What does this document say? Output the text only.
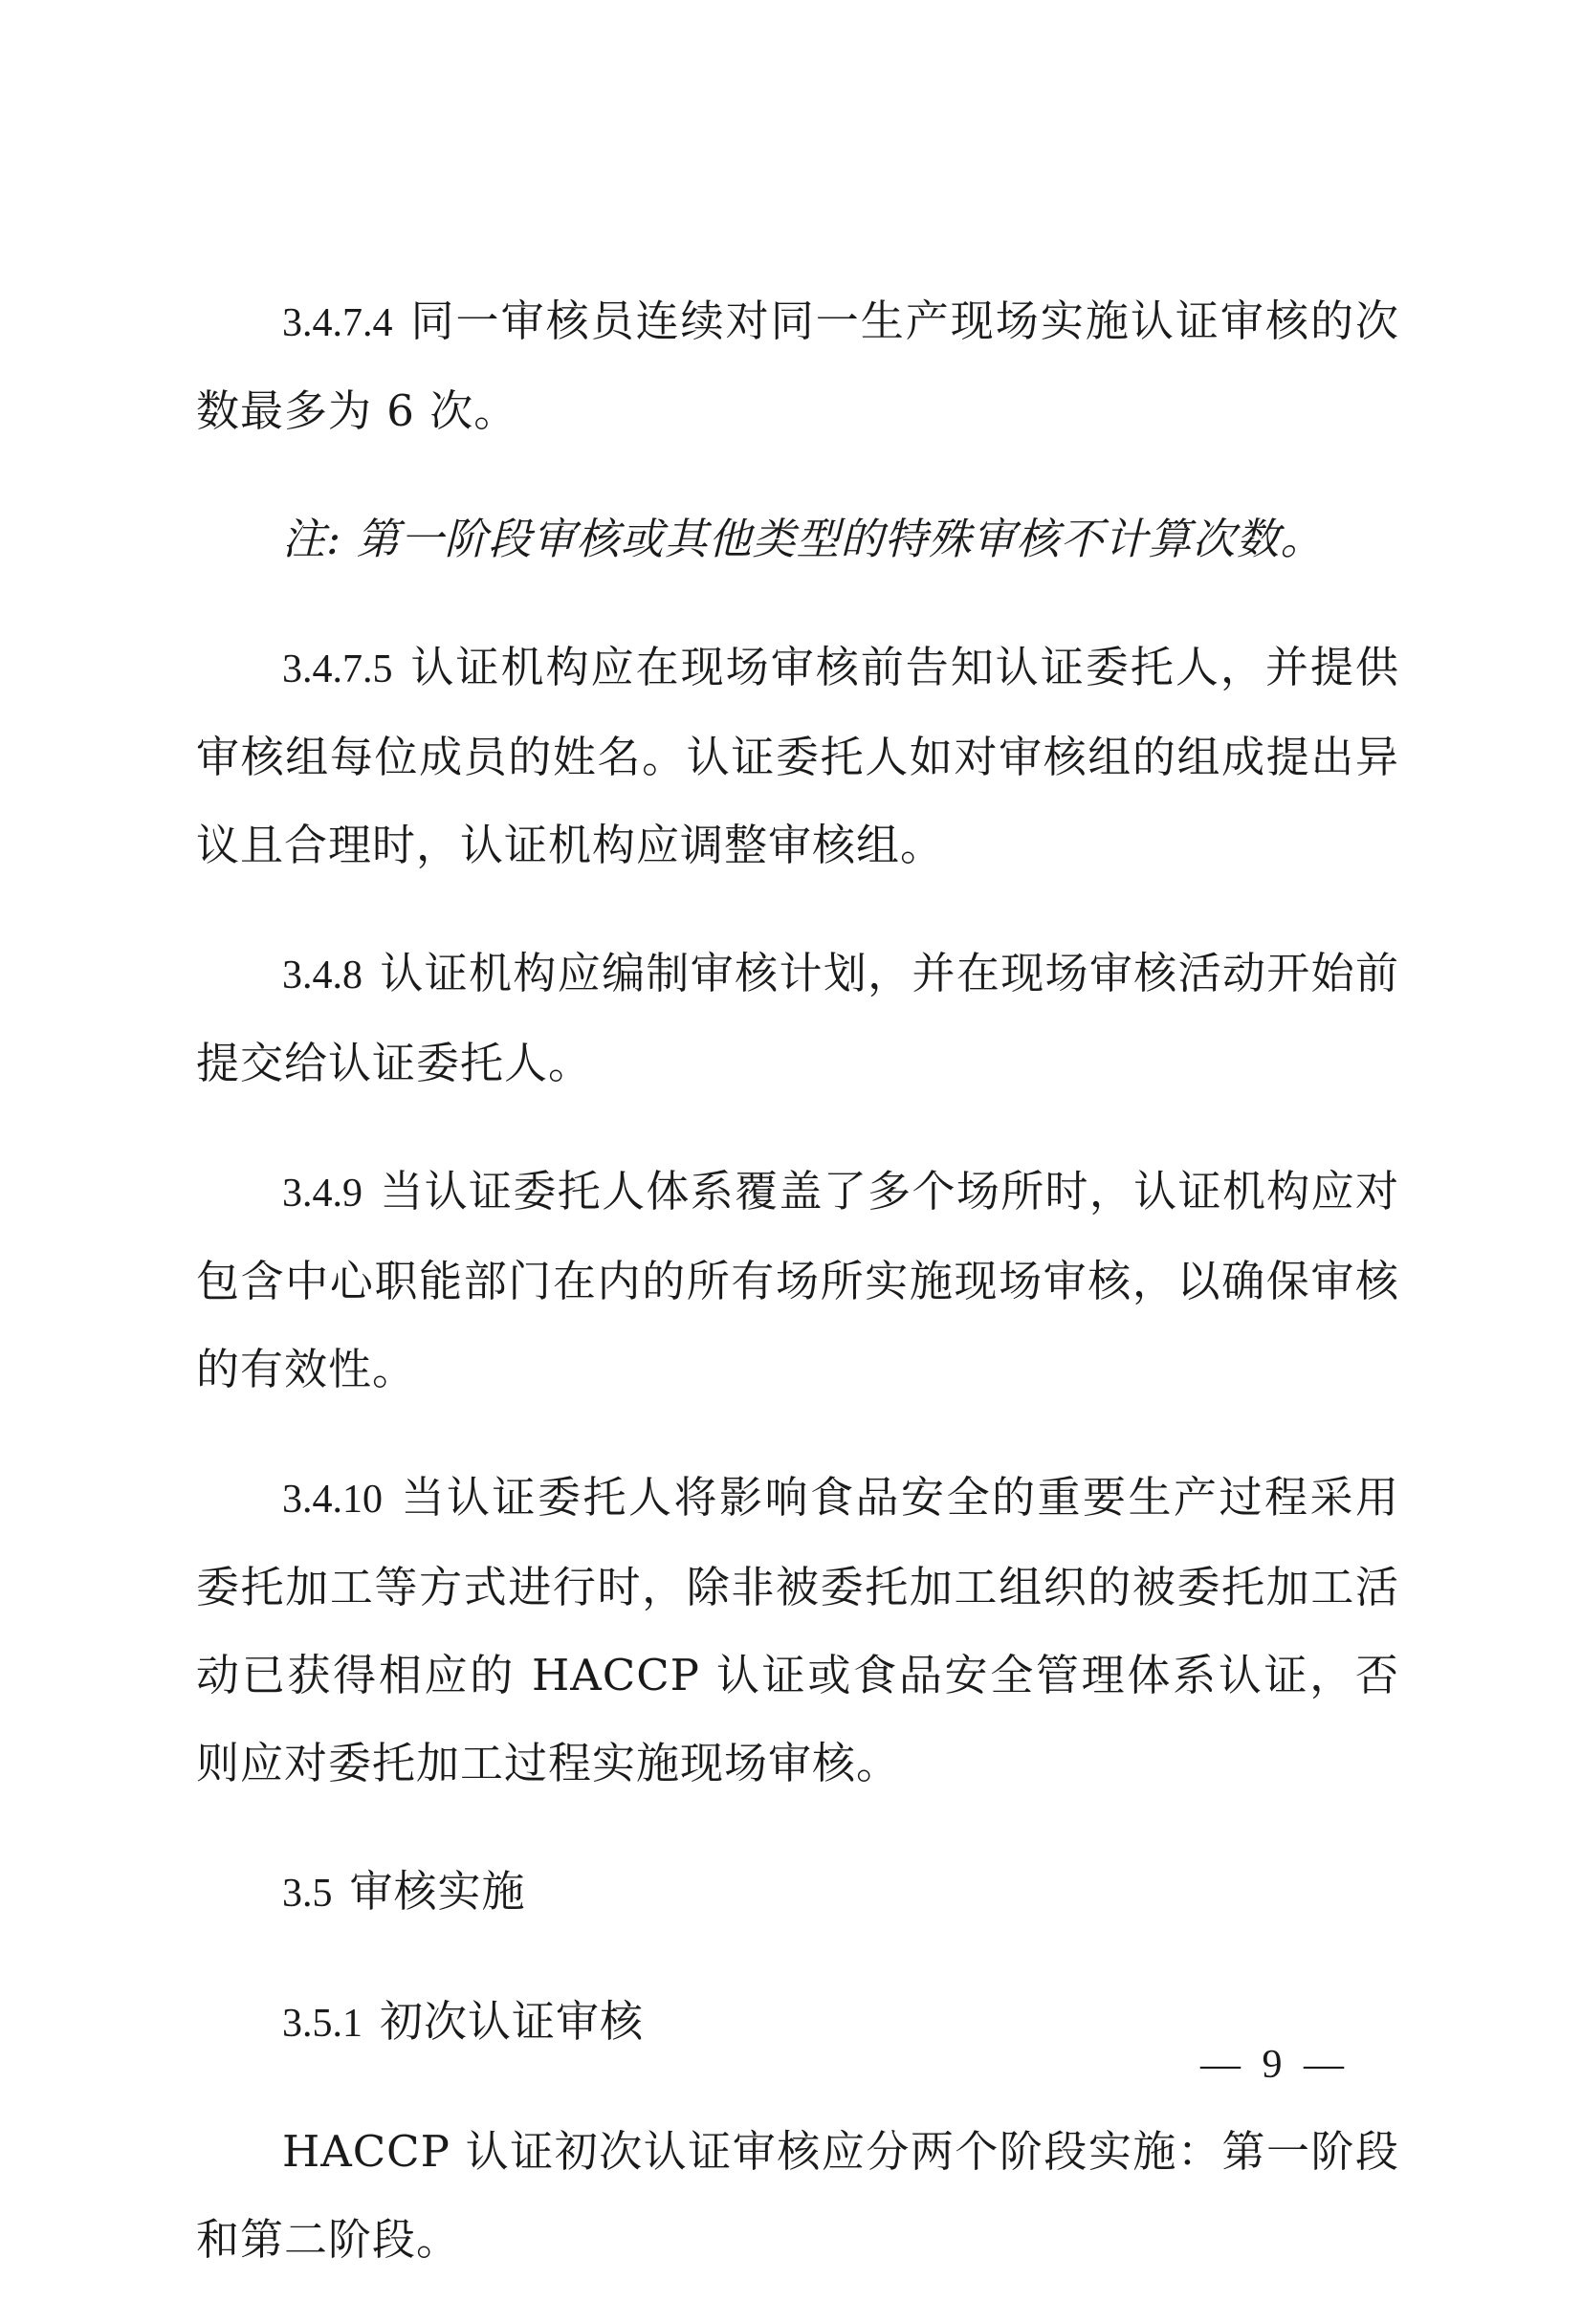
3.4.7.4 同一审核员连续对同一生产现场实施认证审核的次数最多为 6 次。

注: 第一阶段审核或其他类型的特殊审核不计算次数。

3.4.7.5 认证机构应在现场审核前告知认证委托人，并提供审核组每位成员的姓名。认证委托人如对审核组的组成提出异议且合理时，认证机构应调整审核组。

3.4.8 认证机构应编制审核计划，并在现场审核活动开始前提交给认证委托人。

3.4.9 当认证委托人体系覆盖了多个场所时，认证机构应对包含中心职能部门在内的所有场所实施现场审核，以确保审核的有效性。

3.4.10 当认证委托人将影响食品安全的重要生产过程采用委托加工等方式进行时，除非被委托加工组织的被委托加工活动已获得相应的 HACCP 认证或食品安全管理体系认证，否则应对委托加工过程实施现场审核。

3.5 审核实施

3.5.1 初次认证审核

HACCP 认证初次认证审核应分两个阶段实施：第一阶段和第二阶段。

— 9 —
